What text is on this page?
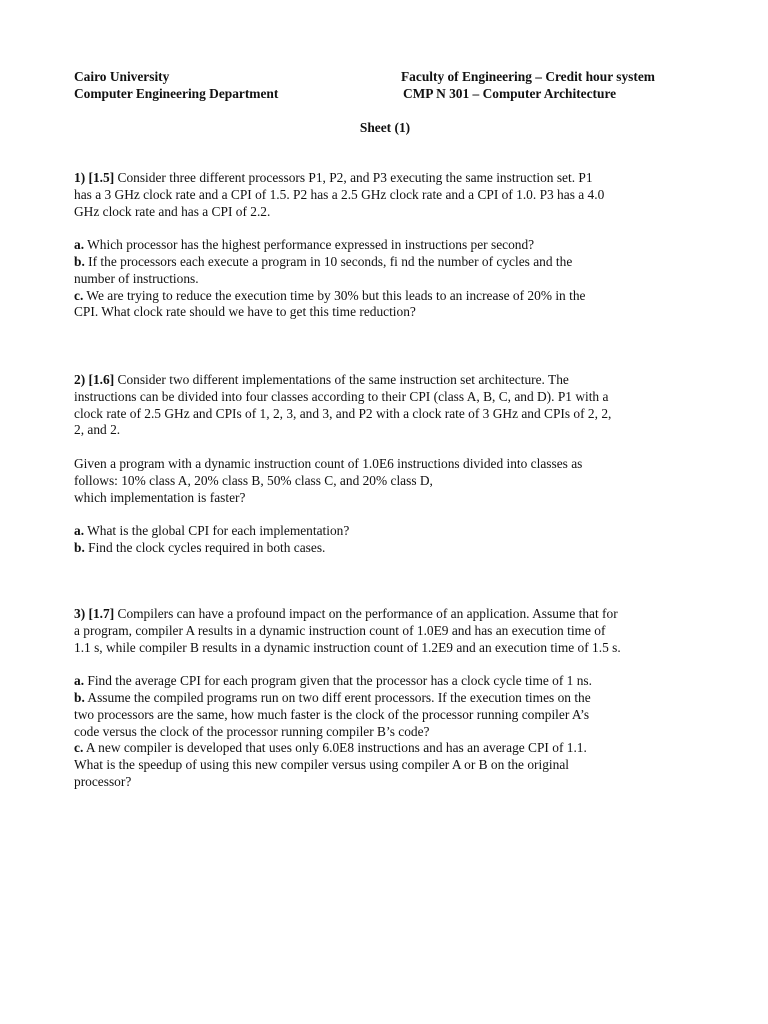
Cairo University	Faculty of Engineering – Credit hour system
Computer Engineering Department	CMP N 301 – Computer Architecture
Sheet (1)

1) [1.5] Consider three different processors P1, P2, and P3 executing the same instruction set. P1
has a 3 GHz clock rate and a CPI of 1.5. P2 has a 2.5 GHz clock rate and a CPI of 1.0. P3 has a 4.0
GHz clock rate and has a CPI of 2.2.

a. Which processor has the highest performance expressed in instructions per second?
b. If the processors each execute a program in 10 seconds, fi nd the number of cycles and the
number of instructions.
c. We are trying to reduce the execution time by 30% but this leads to an increase of 20% in the
CPI. What clock rate should we have to get this time reduction?

2) [1.6] Consider two different implementations of the same instruction set architecture. The
instructions can be divided into four classes according to their CPI (class A, B, C, and D). P1 with a
clock rate of 2.5 GHz and CPIs of 1, 2, 3, and 3, and P2 with a clock rate of 3 GHz and CPIs of 2, 2,
2, and 2.

Given a program with a dynamic instruction count of 1.0E6 instructions divided into classes as
follows: 10% class A, 20% class B, 50% class C, and 20% class D,
which implementation is faster?

a. What is the global CPI for each implementation?
b. Find the clock cycles required in both cases.

3) [1.7] Compilers can have a profound impact on the performance of an application. Assume that for
a program, compiler A results in a dynamic instruction count of 1.0E9 and has an execution time of
1.1 s, while compiler B results in a dynamic instruction count of 1.2E9 and an execution time of 1.5 s.

a. Find the average CPI for each program given that the processor has a clock cycle time of 1 ns.
b. Assume the compiled programs run on two diff erent processors. If the execution times on the
two processors are the same, how much faster is the clock of the processor running compiler A’s
code versus the clock of the processor running compiler B’s code?
c. A new compiler is developed that uses only 6.0E8 instructions and has an average CPI of 1.1.
What is the speedup of using this new compiler versus using compiler A or B on the original
processor?
